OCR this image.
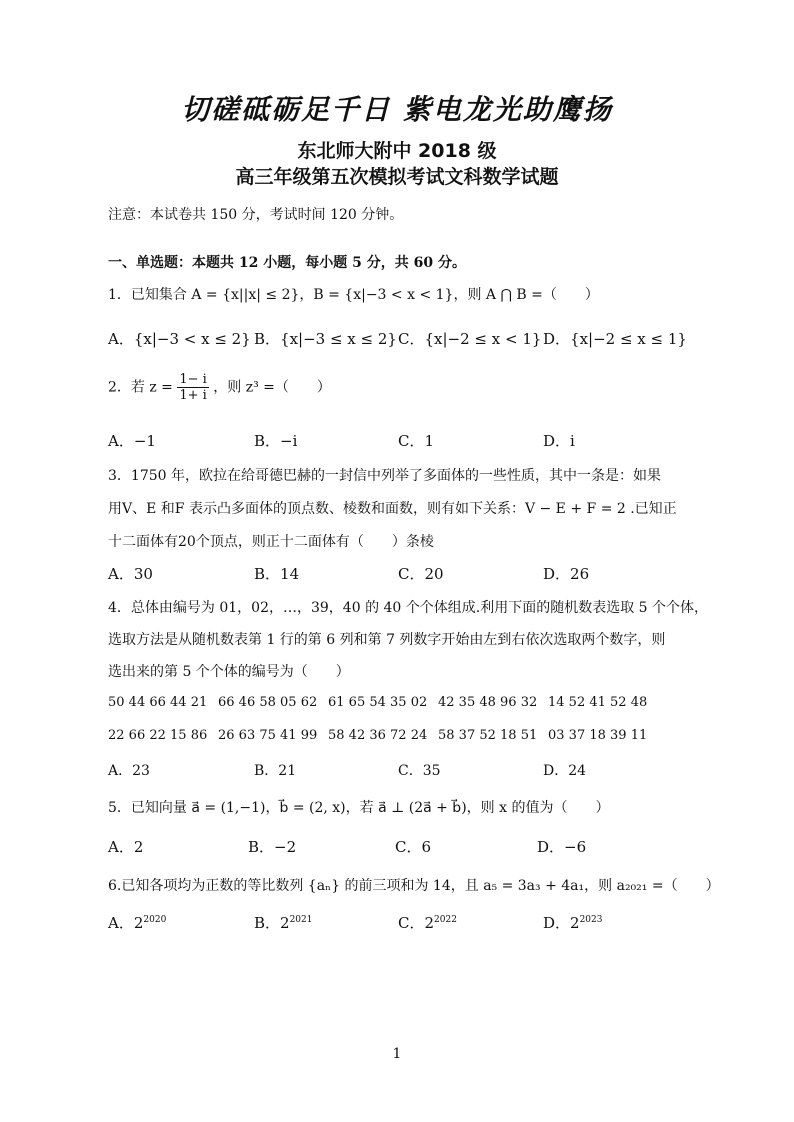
切磋砥砺足千日 紫电龙光助鹰扬
东北师大附中 2018 级
高三年级第五次模拟考试文科数学试题
注意：本试卷共 150 分，考试时间 120 分钟。
一、单选题：本题共 12 小题，每小题 5 分，共 60 分。
1．已知集合 A = {x||x| ≤ 2}，B = {x|−3 < x < 1}，则 A ⋂ B =（　　）
A．{x|−3 < x ≤ 2} B．{x|−3 ≤ x ≤ 2} C．{x|−2 ≤ x < 1} D．{x|−2 ≤ x ≤ 1}
2．若 $z = \frac{1- i}{1+ i}$ ，则 z³ =（　　）
A．−1	B．−i	C．1	D．i
3．1750 年，欧拉在给哥德巴赫的一封信中列举了多面体的一些性质，其中一条是：如果
用V、E 和F 表示凸多面体的顶点数、棱数和面数，则有如下关系：V − E + F = 2 .已知正
十二面体有20个顶点，则正十二面体有（　　）条棱
A．30	B．14	C．20	D．26
4．总体由编号为 01，02，…，39，40 的 40 个个体组成.利用下面的随机数表选取 5 个个体，
选取方法是从随机数表第 1 行的第 6 列和第 7 列数字开始由左到右依次选取两个数字，则
选出来的第 5 个个体的编号为（　　）
50 44 66 44 21 66 46 58 05 62 61 65 54 35 02 42 35 48 96 32 14 52 41 52 48
22 66 22 15 86 26 63 75 41 99 58 42 36 72 24 58 37 52 18 51 03 37 18 39 11
A．23	B．21	C．35	D．24
5．已知向量 a⃗ = (1,−1)，b⃗ = (2, x)，若 a⃗ ⊥ (2a⃗ + b⃗)，则 x 的值为（　　）
A．2	B．−2	C．6	D．−6
6.已知各项均为正数的等比数列 {aₙ} 的前三项和为 14，且 a₅ = 3a₃ + 4a₁，则 a₂₀₂₁ =（　　）
A．$2^{2020}$	B．$2^{2021}$	C．$2^{2022}$	D．$2^{2023}$
1
